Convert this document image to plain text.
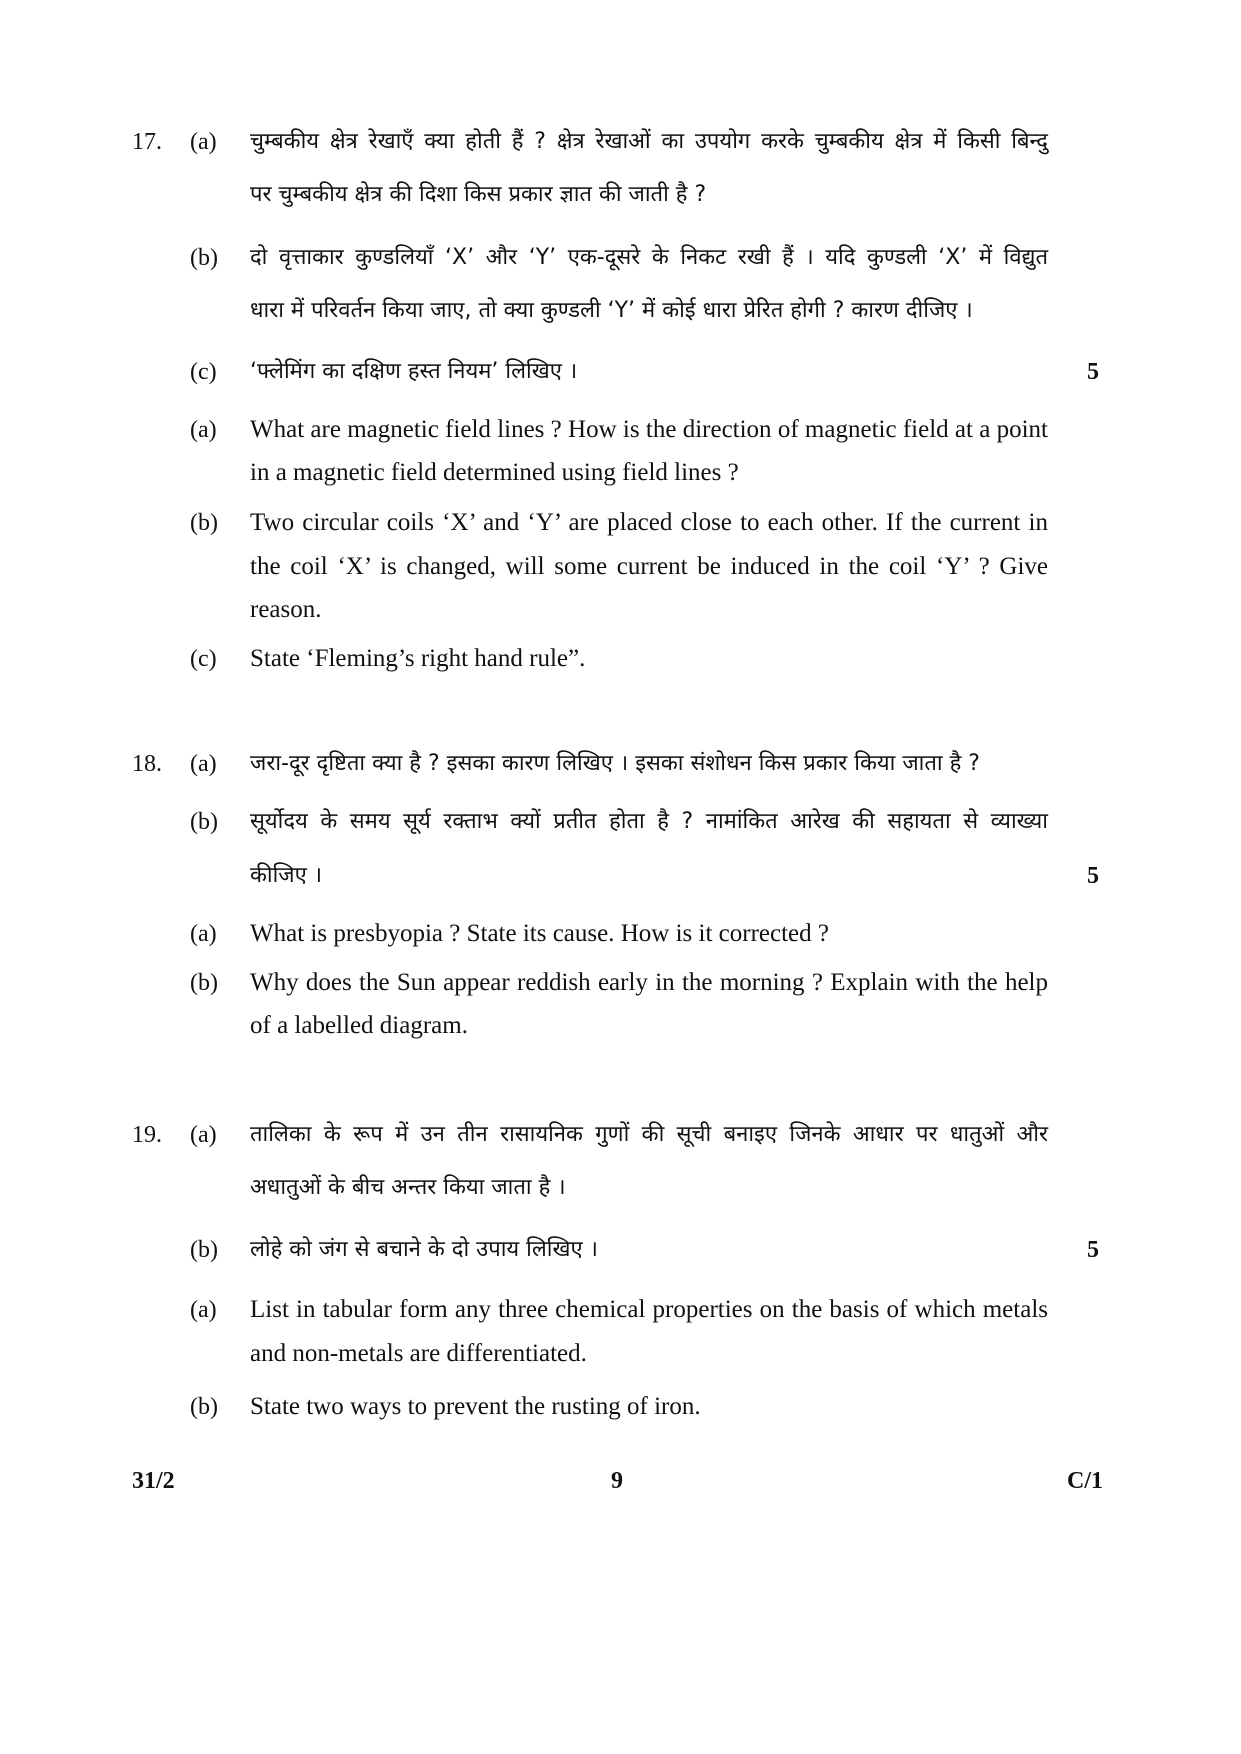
17. (a) चुम्बकीय क्षेत्र रेखाएँ क्या होती हैं ? क्षेत्र रेखाओं का उपयोग करके चुम्बकीय क्षेत्र में किसी बिन्दु
पर चुम्बकीय क्षेत्र की दिशा किस प्रकार ज्ञात की जाती है ?
(b) दो वृत्ताकार कुण्डलियाँ ‘X’ और ‘Y’ एक-दूसरे के निकट रखी हैं । यदि कुण्डली ‘X’ में विद्युत
धारा में परिवर्तन किया जाए, तो क्या कुण्डली ‘Y’ में कोई धारा प्रेरित होगी ? कारण दीजिए ।
(c) ‘फ्लेमिंग का दक्षिण हस्त नियम’ लिखिए ।	5
(a) What are magnetic field lines ? How is the direction of magnetic field at a point
in a magnetic field determined using field lines ?
(b) Two circular coils ‘X’ and ‘Y’ are placed close to each other. If the current in
the coil ‘X’ is changed, will some current be induced in the coil ‘Y’ ? Give
reason.
(c) State ‘Fleming’s right hand rule”.
18. (a) जरा-दूर दृष्टिता क्या है ? इसका कारण लिखिए । इसका संशोधन किस प्रकार किया जाता है ?
(b) सूर्योदय के समय सूर्य रक्ताभ क्यों प्रतीत होता है ? नामांकित आरेख की सहायता से व्याख्या
कीजिए ।	5
(a) What is presbyopia ? State its cause. How is it corrected ?
(b) Why does the Sun appear reddish early in the morning ? Explain with the help
of a labelled diagram.
19. (a) तालिका के रूप में उन तीन रासायनिक गुणों की सूची बनाइए जिनके आधार पर धातुओं और
अधातुओं के बीच अन्तर किया जाता है ।
(b) लोहे को जंग से बचाने के दो उपाय लिखिए ।	5
(a) List in tabular form any three chemical properties on the basis of which metals
and non-metals are differentiated.
(b) State two ways to prevent the rusting of iron.
31/2	9	C/1
